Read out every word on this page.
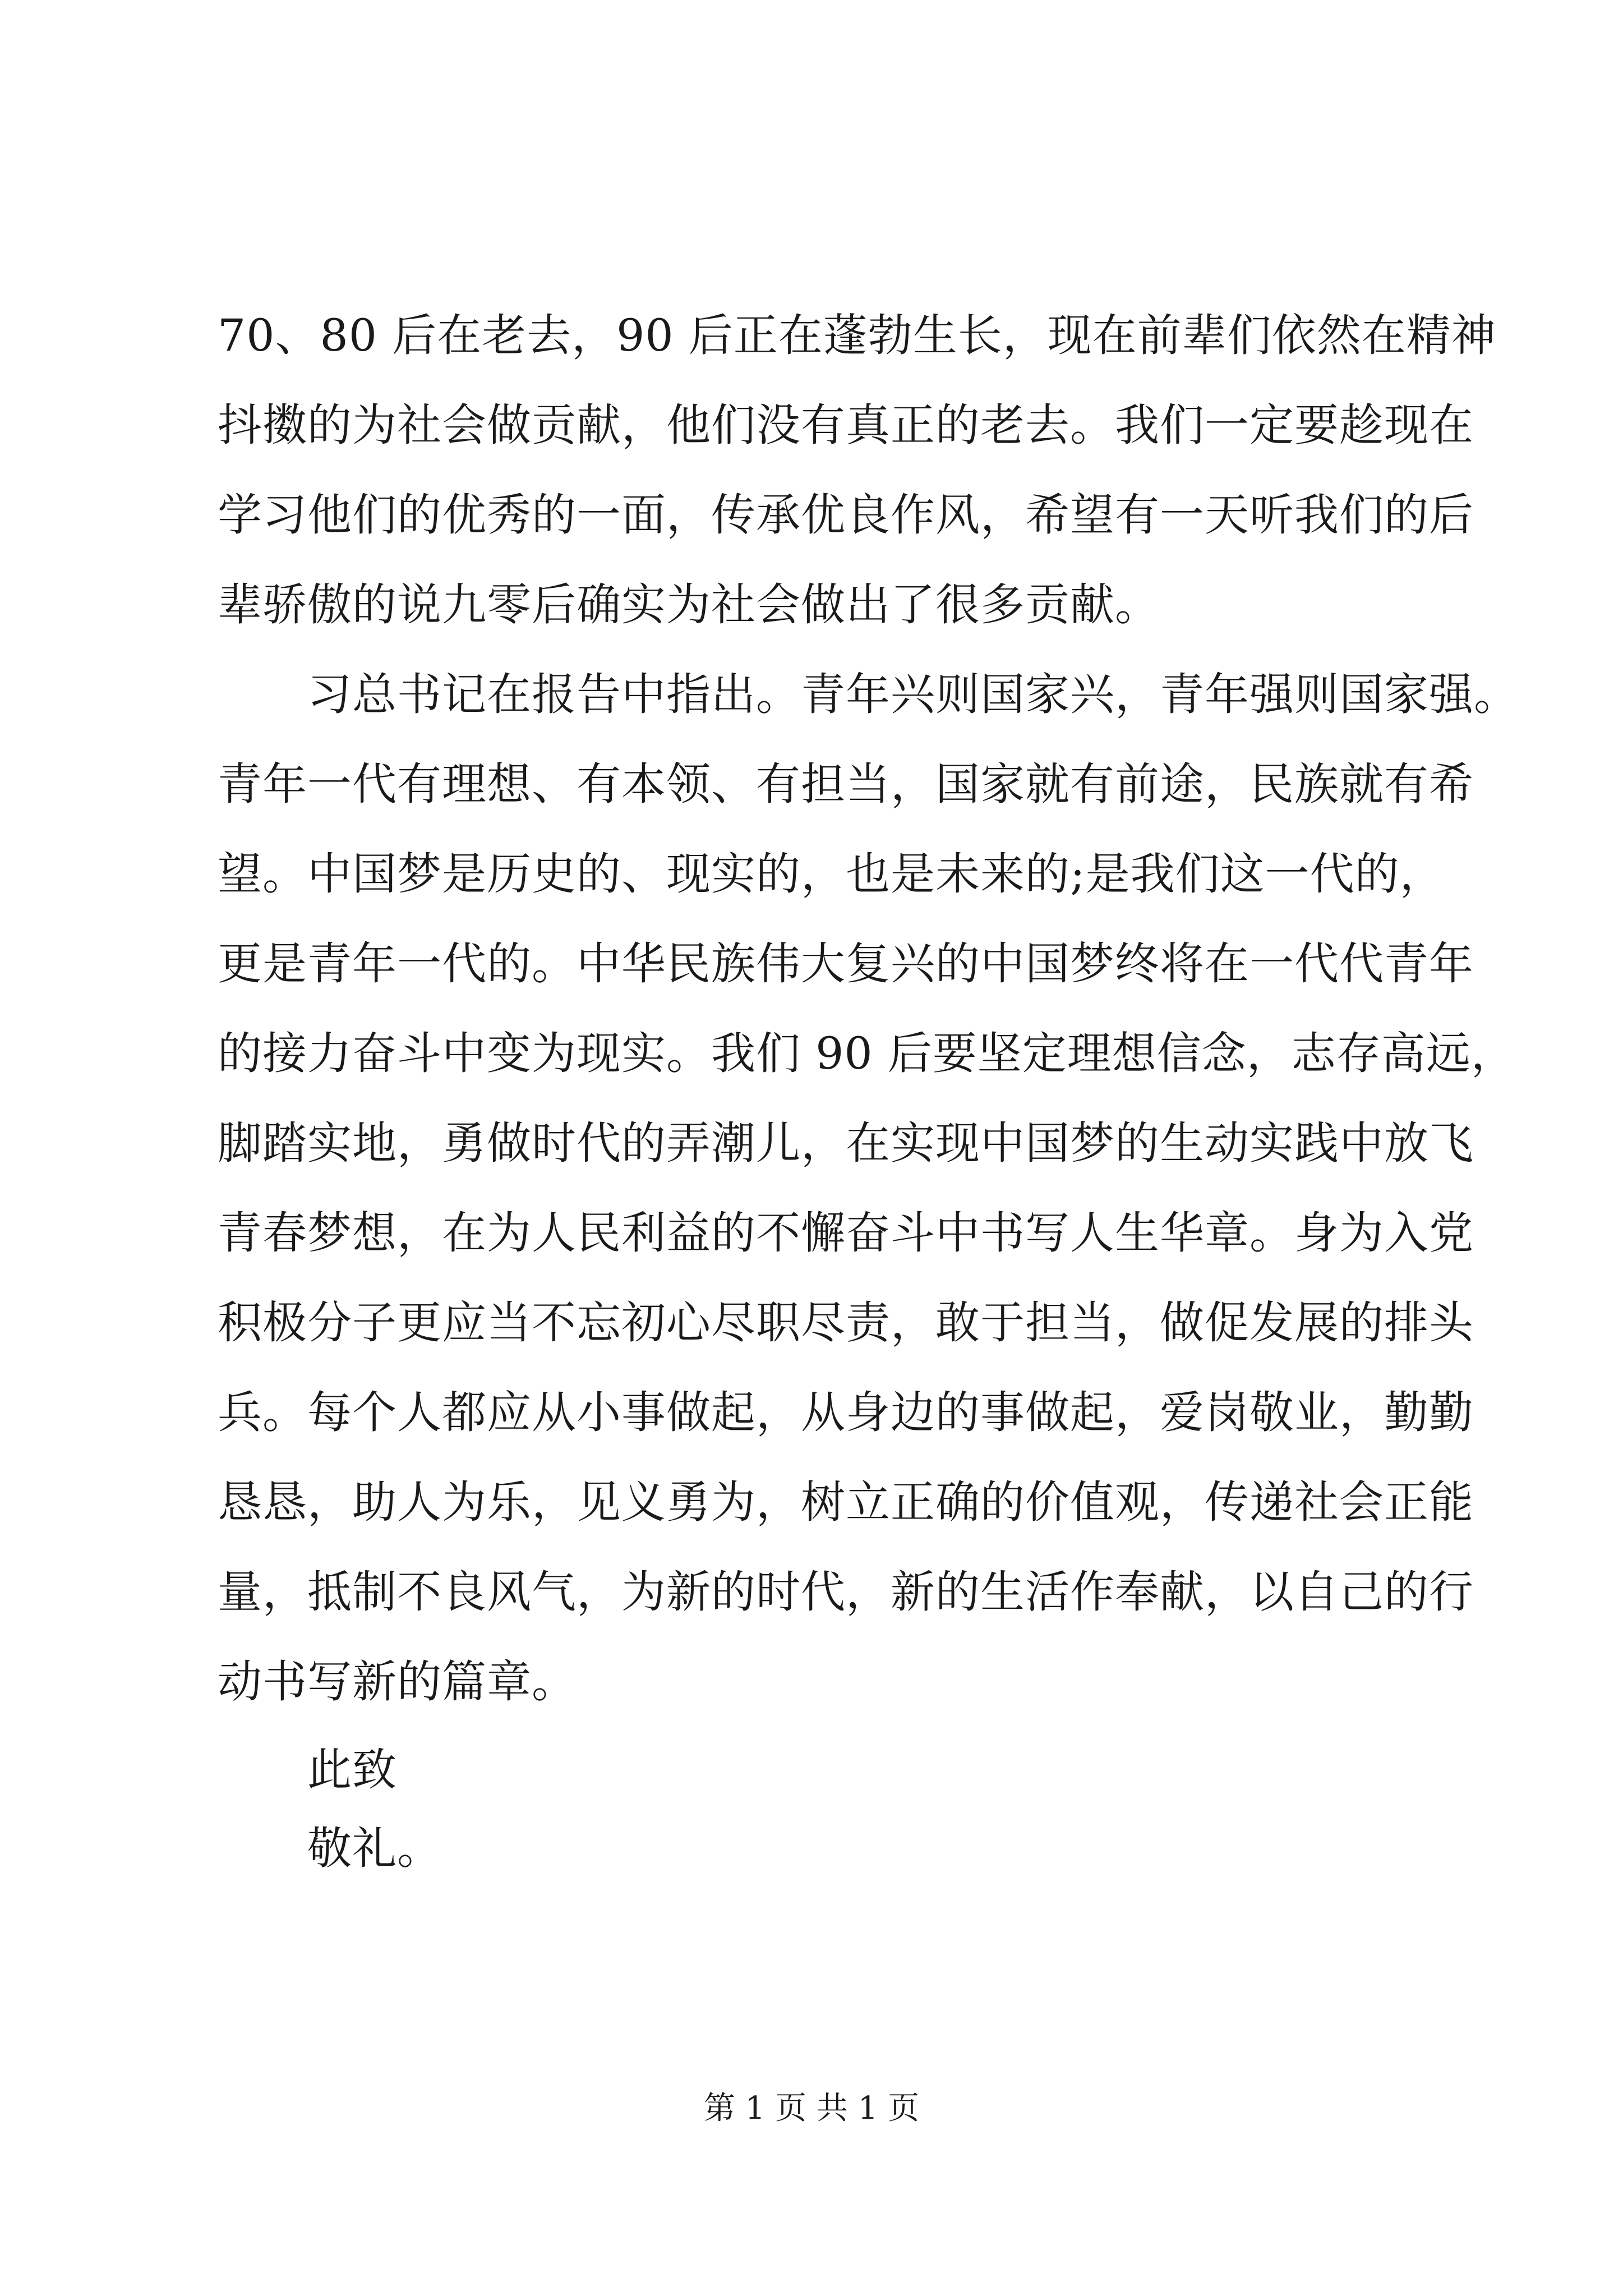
70、80 后在老去，90 后正在蓬勃生长，现在前辈们依然在精神
抖擞的为社会做贡献，他们没有真正的老去。我们一定要趁现在
学习他们的优秀的一面，传承优良作风，希望有一天听我们的后
辈骄傲的说九零后确实为社会做出了很多贡献。
习总书记在报告中指出。青年兴则国家兴，青年强则国家强。
青年一代有理想、有本领、有担当，国家就有前途，民族就有希
望。中国梦是历史的、现实的，也是未来的;是我们这一代的，
更是青年一代的。中华民族伟大复兴的中国梦终将在一代代青年
的接力奋斗中变为现实。我们 90 后要坚定理想信念，志存高远，
脚踏实地，勇做时代的弄潮儿，在实现中国梦的生动实践中放飞
青春梦想，在为人民利益的不懈奋斗中书写人生华章。身为入党
积极分子更应当不忘初心尽职尽责，敢于担当，做促发展的排头
兵。每个人都应从小事做起，从身边的事做起，爱岗敬业，勤勤
恳恳，助人为乐，见义勇为，树立正确的价值观，传递社会正能
量，抵制不良风气，为新的时代，新的生活作奉献，以自己的行
动书写新的篇章。
此致
敬礼。
第 1 页 共 1 页
